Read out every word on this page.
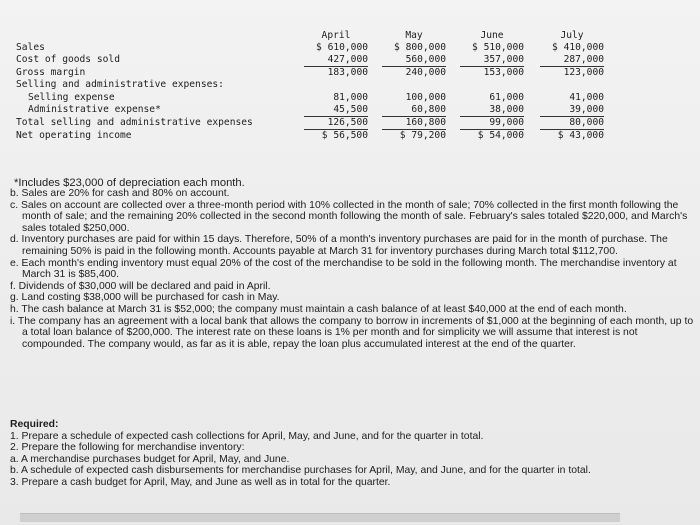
April	May	June	July
Sales	$ 610,000	$ 800,000	$ 510,000	$ 410,000
Cost of goods sold	427,000	560,000	357,000	287,000
Gross margin	183,000	240,000	153,000	123,000
Selling and administrative expenses:
Selling expense	81,000	100,000	61,000	41,000
Administrative expense*	45,500	60,800	38,000	39,000
Total selling and administrative expenses	126,500	160,800	99,000	80,000
Net operating income	$ 56,500	$ 79,200	$ 54,000	$ 43,000
*Includes $23,000 of depreciation each month.

b. Sales are 20% for cash and 80% on account.

c. Sales on account are collected over a three-month period with 10% collected in the month of sale; 70% collected in the first month following the month of sale; and the remaining 20% collected in the second month following the month of sale. February's sales totaled $220,000, and March's sales totaled $250,000.

d. Inventory purchases are paid for within 15 days. Therefore, 50% of a month's inventory purchases are paid for in the month of purchase. The remaining 50% is paid in the following month. Accounts payable at March 31 for inventory purchases during March total $112,700.

e. Each month's ending inventory must equal 20% of the cost of the merchandise to be sold in the following month. The merchandise inventory at March 31 is $85,400.

f. Dividends of $30,000 will be declared and paid in April.

g. Land costing $38,000 will be purchased for cash in May.

h. The cash balance at March 31 is $52,000; the company must maintain a cash balance of at least $40,000 at the end of each month.

i. The company has an agreement with a local bank that allows the company to borrow in increments of $1,000 at the beginning of each month, up to a total loan balance of $200,000. The interest rate on these loans is 1% per month and for simplicity we will assume that interest is not compounded. The company would, as far as it is able, repay the loan plus accumulated interest at the end of the quarter.

Required:

1. Prepare a schedule of expected cash collections for April, May, and June, and for the quarter in total.

2. Prepare the following for merchandise inventory:

a. A merchandise purchases budget for April, May, and June.

b. A schedule of expected cash disbursements for merchandise purchases for April, May, and June, and for the quarter in total.

3. Prepare a cash budget for April, May, and June as well as in total for the quarter.
